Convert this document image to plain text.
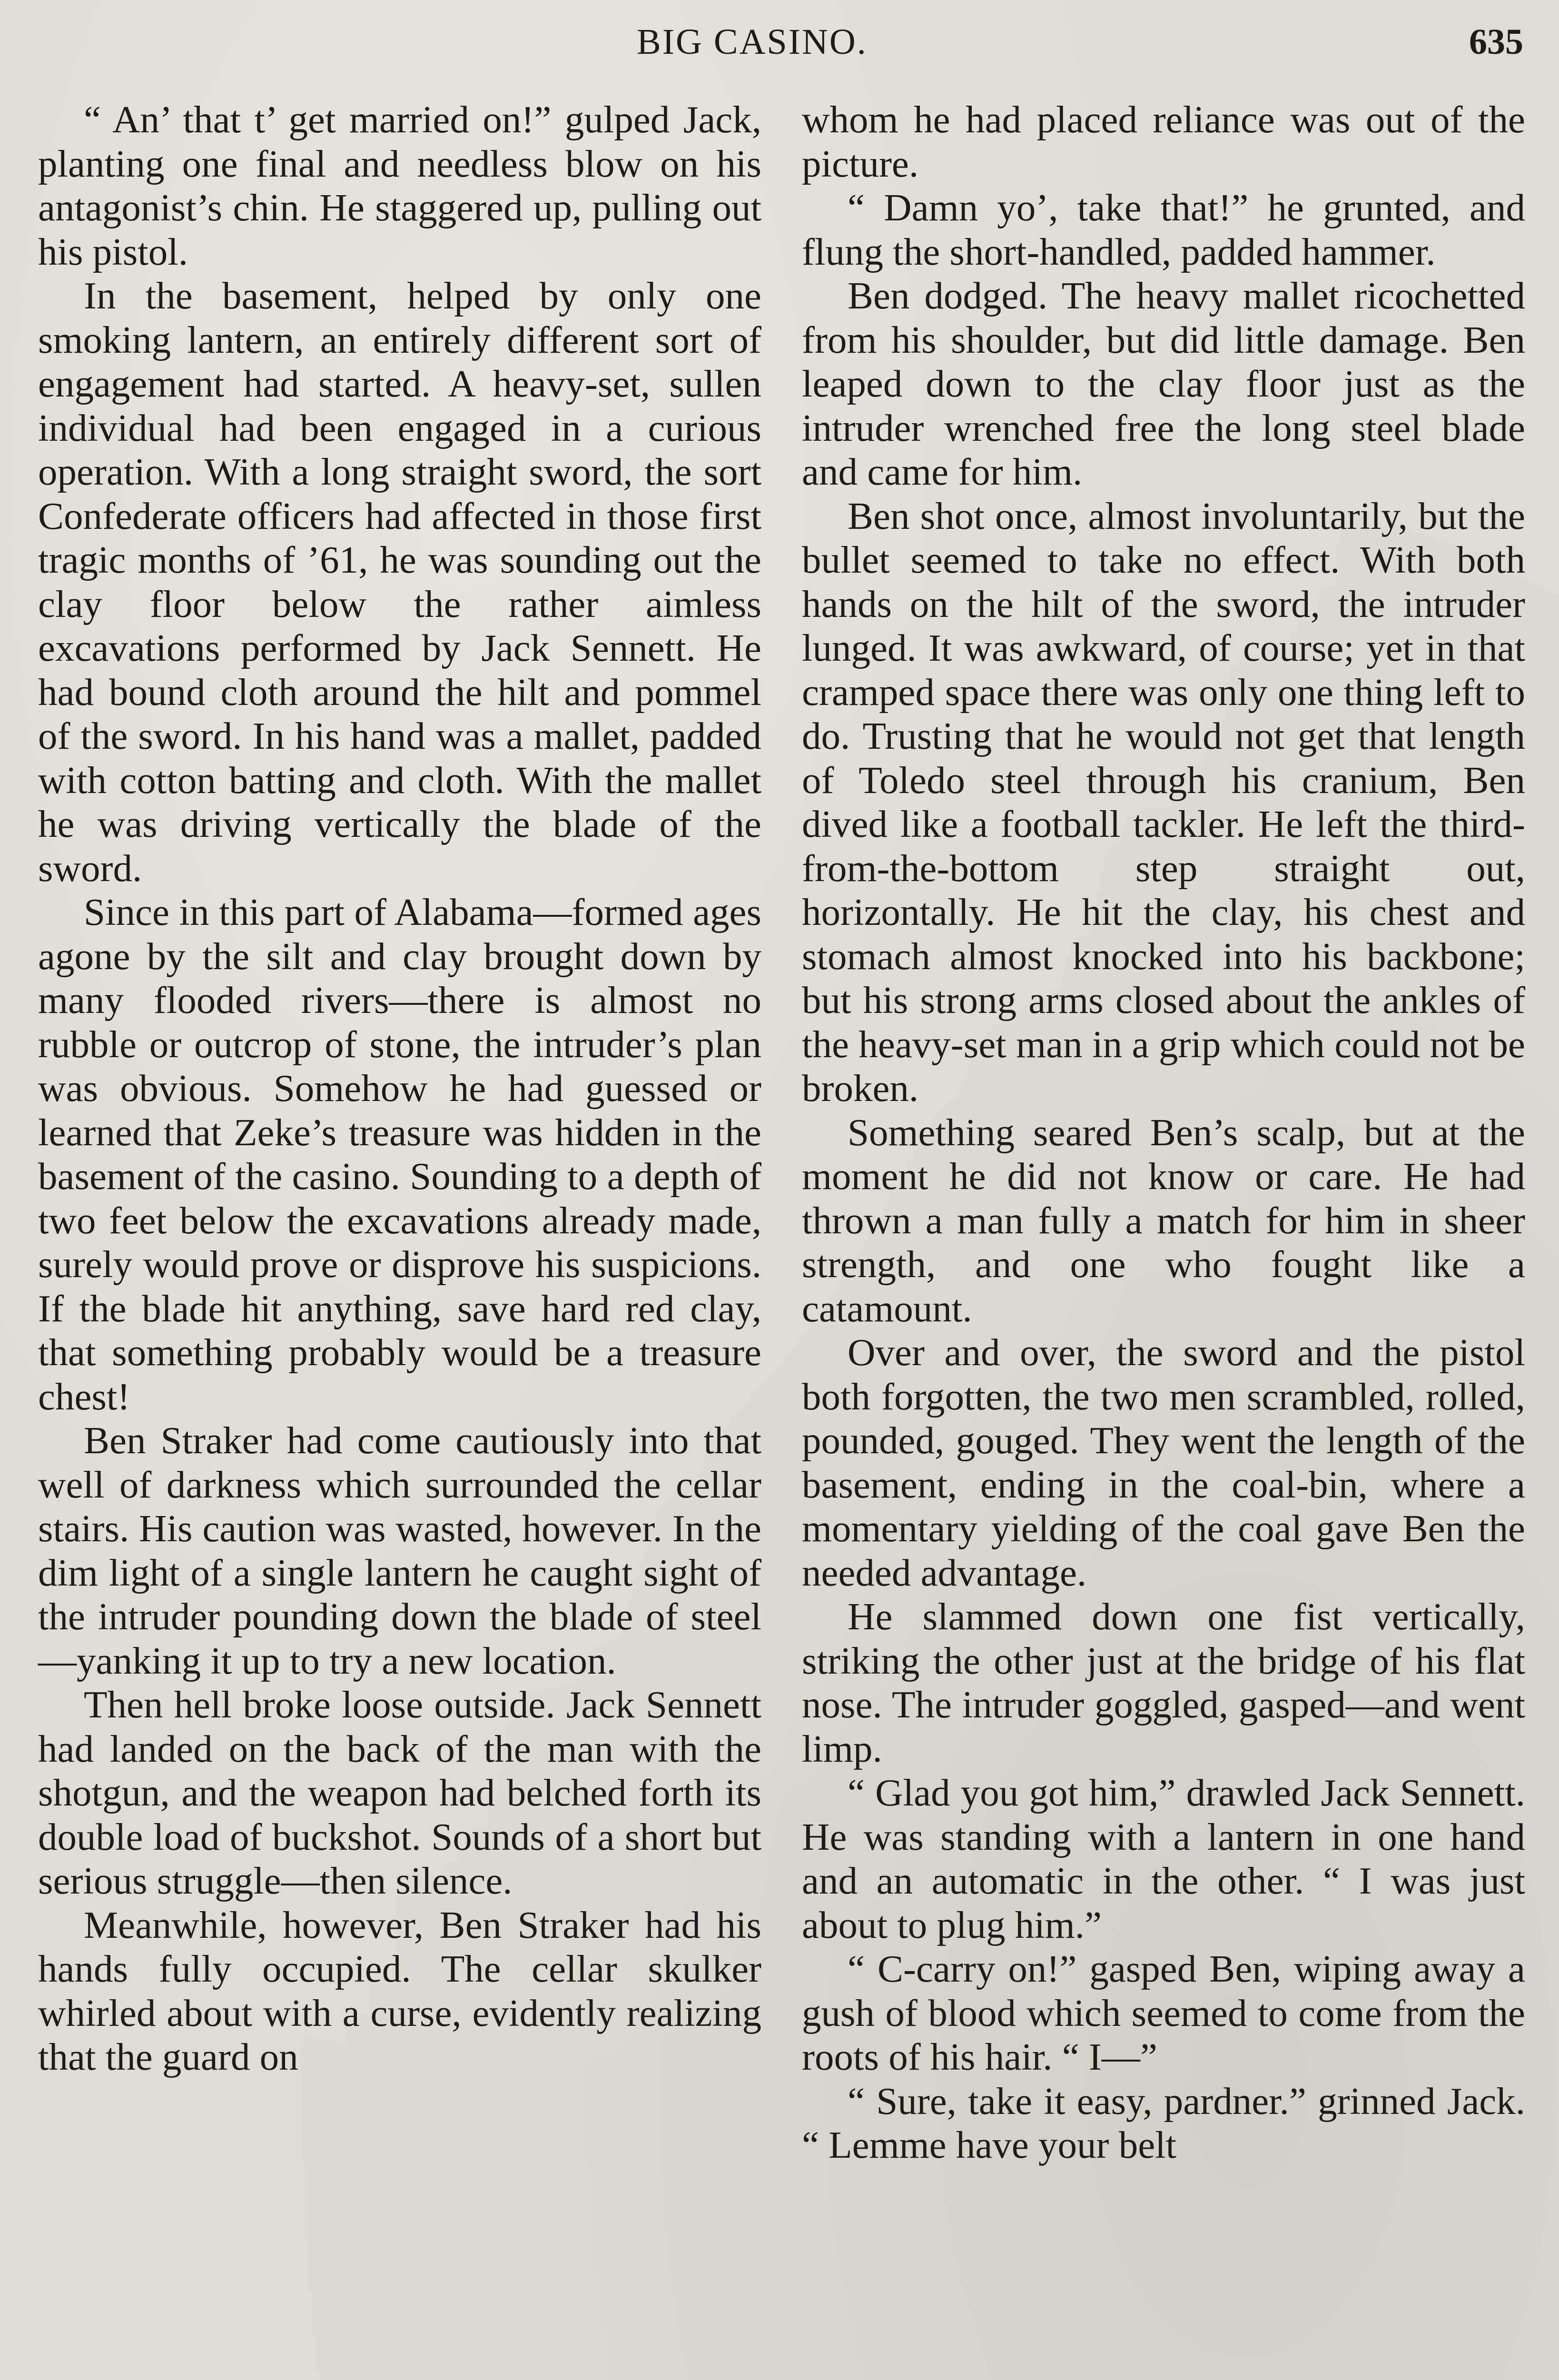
BIG CASINO.	635

“ An’ that t’ get married on!” gulped Jack, planting one final and needless blow on his antagonist’s chin. He staggered up, pulling out his pistol.

In the basement, helped by only one smoking lantern, an entirely different sort of engagement had started. A heavy-set, sullen individual had been engaged in a curious operation. With a long straight sword, the sort Confederate officers had affected in those first tragic months of ’61, he was sounding out the clay floor below the rather aimless excavations performed by Jack Sennett. He had bound cloth around the hilt and pommel of the sword. In his hand was a mallet, padded with cotton batting and cloth. With the mallet he was driving vertically the blade of the sword.

Since in this part of Alabama—formed ages agone by the silt and clay brought down by many flooded rivers—there is almost no rubble or outcrop of stone, the intruder’s plan was obvious. Somehow he had guessed or learned that Zeke’s treasure was hidden in the basement of the casino. Sounding to a depth of two feet below the excavations already made, surely would prove or disprove his suspicions. If the blade hit anything, save hard red clay, that something probably would be a treasure chest!

Ben Straker had come cautiously into that well of darkness which surrounded the cellar stairs. His caution was wasted, however. In the dim light of a single lantern he caught sight of the intruder pounding down the blade of steel—yanking it up to try a new location.

Then hell broke loose outside. Jack Sennett had landed on the back of the man with the shotgun, and the weapon had belched forth its double load of buckshot. Sounds of a short but serious struggle—then silence.

Meanwhile, however, Ben Straker had his hands fully occupied. The cellar skulker whirled about with a curse, evidently realizing that the guard on

whom he had placed reliance was out of the picture.

“ Damn yo’, take that!” he grunted, and flung the short-handled, padded hammer.

Ben dodged. The heavy mallet ricochetted from his shoulder, but did little damage. Ben leaped down to the clay floor just as the intruder wrenched free the long steel blade and came for him.

Ben shot once, almost involuntarily, but the bullet seemed to take no effect. With both hands on the hilt of the sword, the intruder lunged. It was awkward, of course; yet in that cramped space there was only one thing left to do. Trusting that he would not get that length of Toledo steel through his cranium, Ben dived like a football tackler. He left the third-from-the-bottom step straight out, horizontally. He hit the clay, his chest and stomach almost knocked into his backbone; but his strong arms closed about the ankles of the heavy-set man in a grip which could not be broken.

Something seared Ben’s scalp, but at the moment he did not know or care. He had thrown a man fully a match for him in sheer strength, and one who fought like a catamount.

Over and over, the sword and the pistol both forgotten, the two men scrambled, rolled, pounded, gouged. They went the length of the basement, ending in the coal-bin, where a momentary yielding of the coal gave Ben the needed advantage.

He slammed down one fist vertically, striking the other just at the bridge of his flat nose. The intruder goggled, gasped—and went limp.

“ Glad you got him,” drawled Jack Sennett. He was standing with a lantern in one hand and an automatic in the other. “ I was just about to plug him.”

“ C-carry on!” gasped Ben, wiping away a gush of blood which seemed to come from the roots of his hair. “ I—”

“ Sure, take it easy, pardner.” grinned Jack. “ Lemme have your belt
